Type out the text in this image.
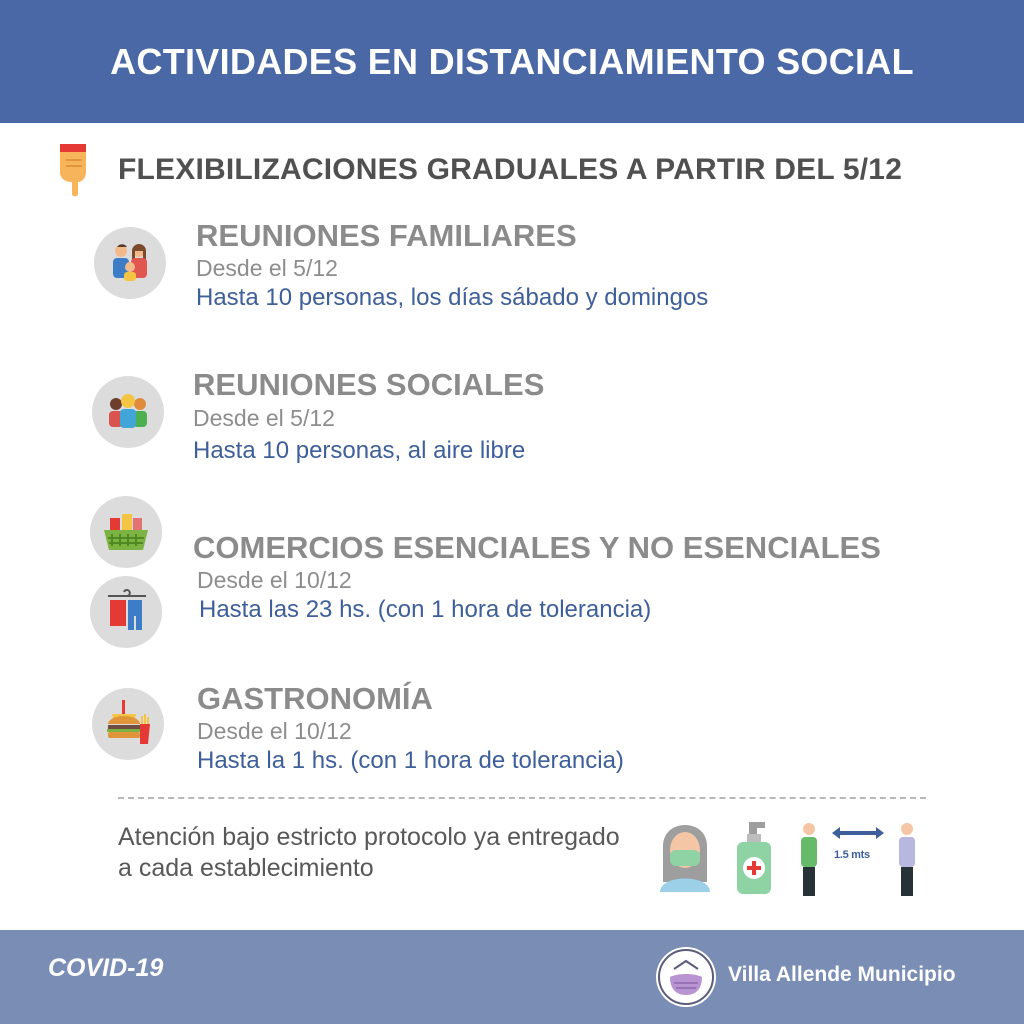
ACTIVIDADES EN DISTANCIAMIENTO SOCIAL
FLEXIBILIZACIONES GRADUALES A PARTIR DEL 5/12
REUNIONES FAMILIARES
Desde el 5/12
Hasta 10 personas, los días sábado y domingos
REUNIONES SOCIALES
Desde el 5/12
Hasta 10 personas, al aire libre
COMERCIOS ESENCIALES Y NO ESENCIALES
Desde el 10/12
Hasta las 23 hs. (con 1 hora de tolerancia)
GASTRONOMÍA
Desde el 10/12
Hasta la 1 hs. (con 1 hora de tolerancia)
Atención bajo estricto protocolo ya entregado a cada establecimiento	1.5 mts
COVID-19	Villa Allende Municipio
